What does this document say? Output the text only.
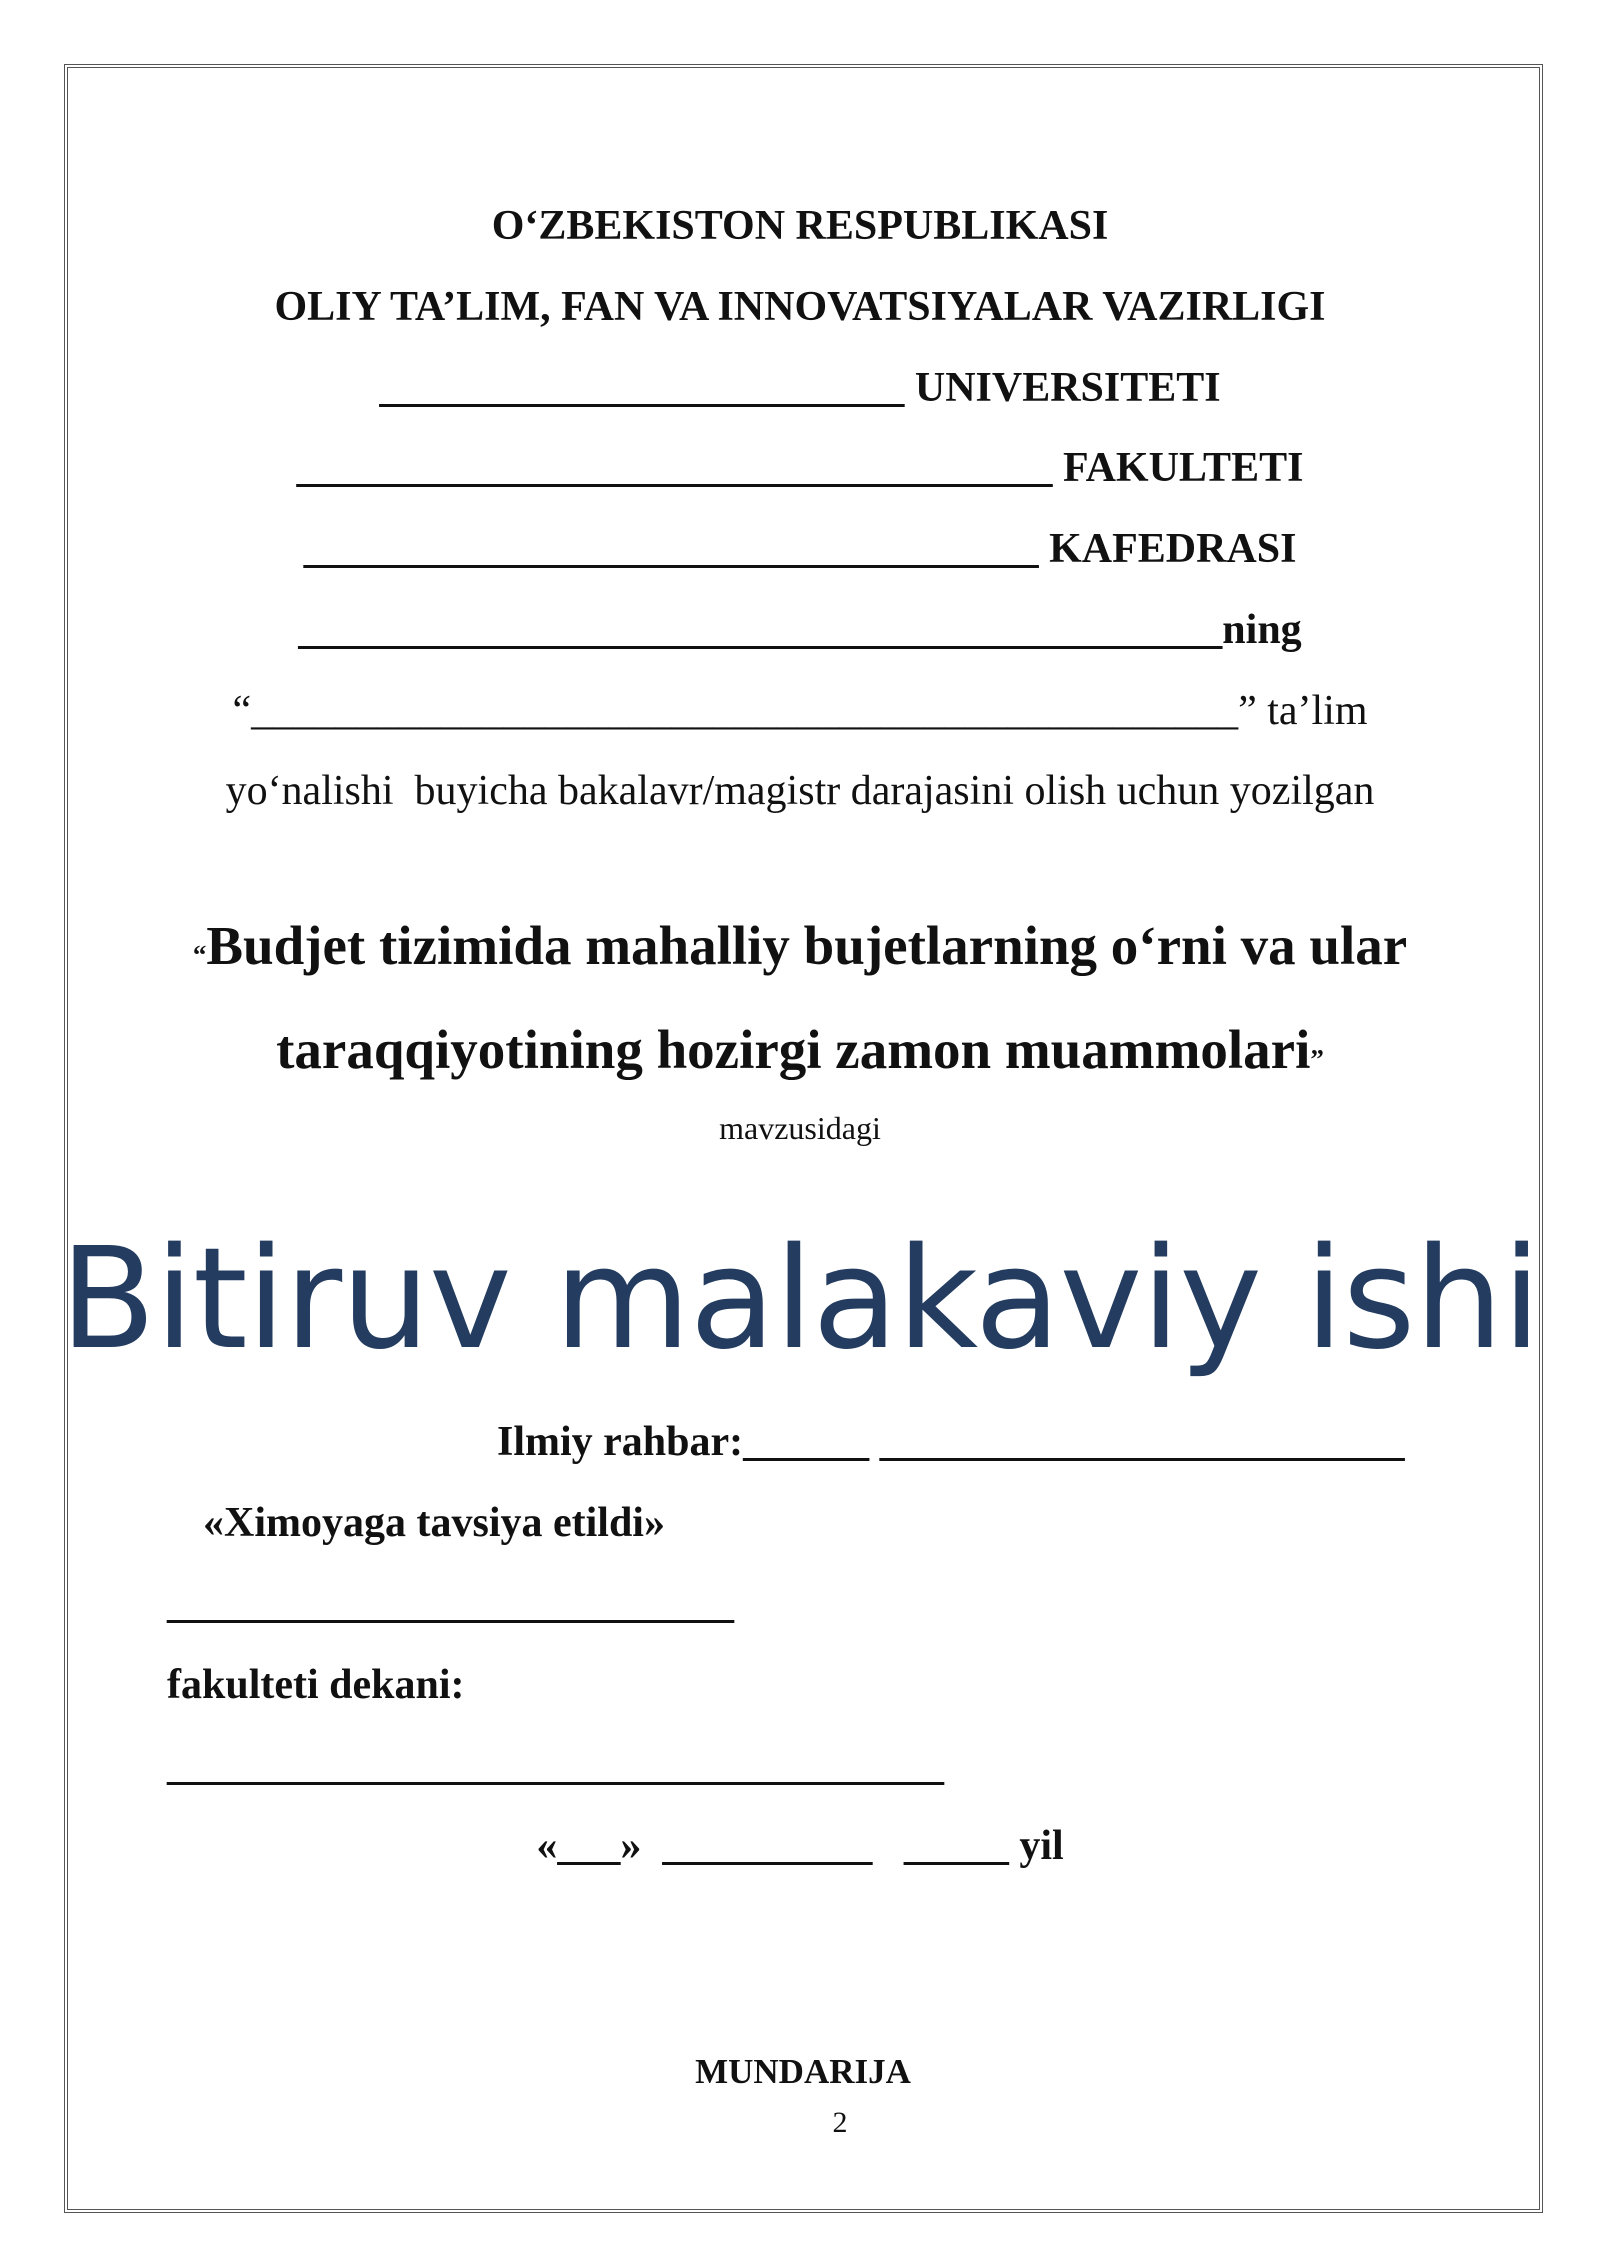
O‘ZBEKISTON RESPUBLIKASI
OLIY TA’LIM, FAN VA INNOVATSIYALAR VAZIRLIGI
_________________________ UNIVERSITETI
____________________________________ FAKULTETI
___________________________________ KAFEDRASI
____________________________________________ning
“_______________________________________________” ta’lim
yo‘nalishi  buyicha bakalavr/magistr darajasini olish uchun yozilgan
“Budjet tizimida mahalliy bujetlarning o‘rni va ular
taraqqiyotining hozirgi zamon muammolari”
mavzusidagi
Bitiruv malakaviy ishi
Ilmiy rahbar:______ _________________________
«Ximoyaga tavsiya etildi»
___________________________
fakulteti dekani:
_____________________________________
«___»  __________   _____ yil
MUNDARIJA
2
